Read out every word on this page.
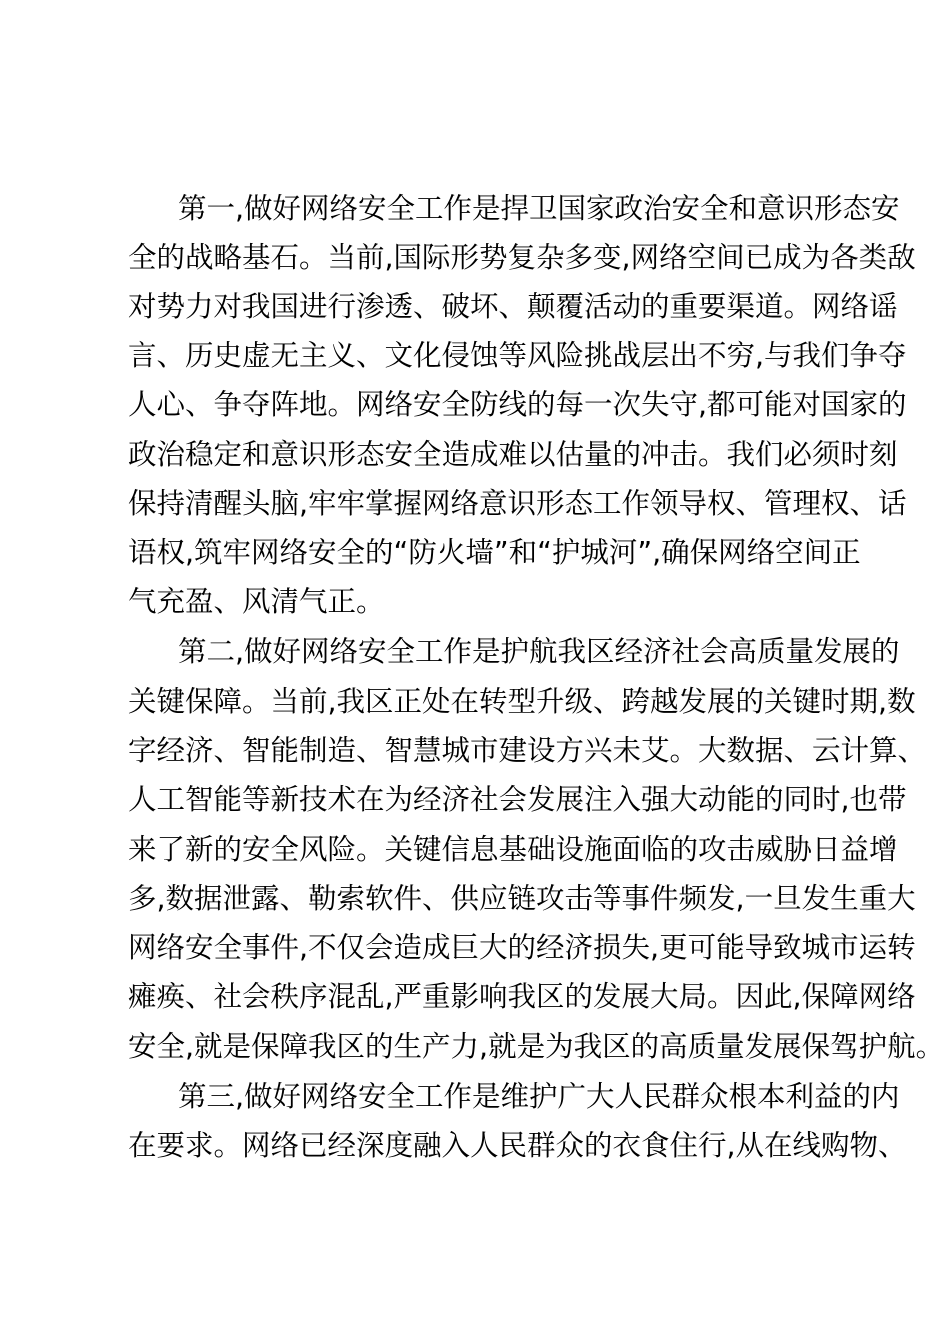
第一,做好网络安全工作是捍卫国家政治安全和意识形态安
全的战略基石。当前,国际形势复杂多变,网络空间已成为各类敌
对势力对我国进行渗透、破坏、颠覆活动的重要渠道。网络谣
言、历史虚无主义、文化侵蚀等风险挑战层出不穷,与我们争夺
人心、争夺阵地。网络安全防线的每一次失守,都可能对国家的
政治稳定和意识形态安全造成难以估量的冲击。我们必须时刻
保持清醒头脑,牢牢掌握网络意识形态工作领导权、管理权、话
语权,筑牢网络安全的“防火墙”和“护城河”,确保网络空间正
气充盈、风清气正。
第二,做好网络安全工作是护航我区经济社会高质量发展的
关键保障。当前,我区正处在转型升级、跨越发展的关键时期,数
字经济、智能制造、智慧城市建设方兴未艾。大数据、云计算、
人工智能等新技术在为经济社会发展注入强大动能的同时,也带
来了新的安全风险。关键信息基础设施面临的攻击威胁日益增
多,数据泄露、勒索软件、供应链攻击等事件频发,一旦发生重大
网络安全事件,不仅会造成巨大的经济损失,更可能导致城市运转
瘫痪、社会秩序混乱,严重影响我区的发展大局。因此,保障网络
安全,就是保障我区的生产力,就是为我区的高质量发展保驾护航。
第三,做好网络安全工作是维护广大人民群众根本利益的内
在要求。网络已经深度融入人民群众的衣食住行,从在线购物、
